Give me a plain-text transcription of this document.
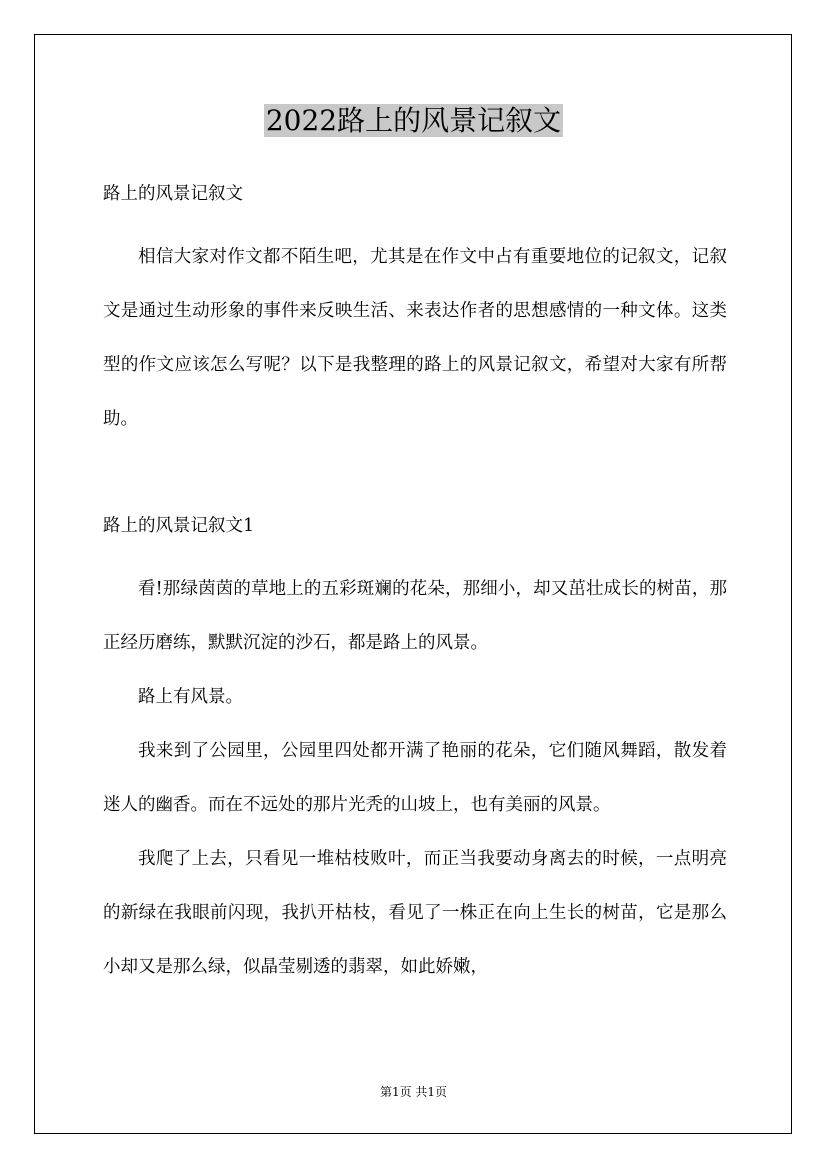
2022路上的风景记叙文

路上的风景记叙文

相信大家对作文都不陌生吧，尤其是在作文中占有重要地位的记叙文，记叙文是通过生动形象的事件来反映生活、来表达作者的思想感情的一种文体。这类型的作文应该怎么写呢？以下是我整理的路上的风景记叙文，希望对大家有所帮助。

路上的风景记叙文1

看!那绿茵茵的草地上的五彩斑斓的花朵，那细小，却又茁壮成长的树苗，那正经历磨练，默默沉淀的沙石，都是路上的风景。

路上有风景。

我来到了公园里，公园里四处都开满了艳丽的花朵，它们随风舞蹈，散发着迷人的幽香。而在不远处的那片光秃的山坡上，也有美丽的风景。

我爬了上去，只看见一堆枯枝败叶，而正当我要动身离去的时候，一点明亮的新绿在我眼前闪现，我扒开枯枝，看见了一株正在向上生长的树苗，它是那么小却又是那么绿，似晶莹剔透的翡翠，如此娇嫩，

第1页 共1页
